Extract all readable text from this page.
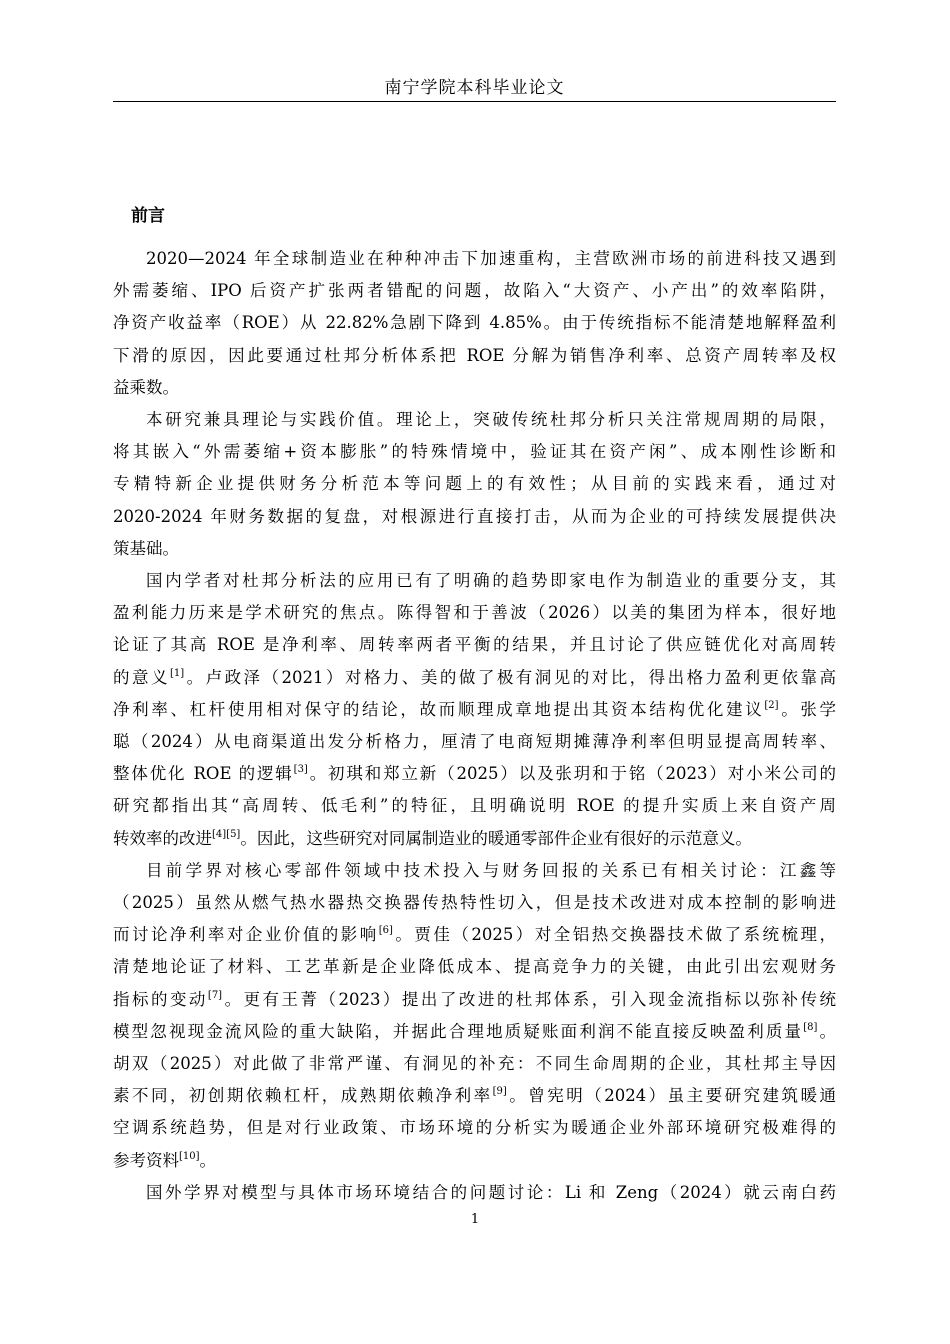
南宁学院本科毕业论文
前言
2020—2024 年全球制造业在种种冲击下加速重构，主营欧洲市场的前进科技又遇到
外需萎缩、IPO 后资产扩张两者错配的问题，故陷入“大资产、小产出”的效率陷阱，
净资产收益率（ROE）从 22.82%急剧下降到 4.85%。由于传统指标不能清楚地解释盈利
下滑的原因，因此要通过杜邦分析体系把 ROE 分解为销售净利率、总资产周转率及权
益乘数。
本研究兼具理论与实践价值。理论上，突破传统杜邦分析只关注常规周期的局限，
将其嵌入“外需萎缩+资本膨胀”的特殊情境中，验证其在资产闲”、成本刚性诊断和
专精特新企业提供财务分析范本等问题上的有效性；从目前的实践来看，通过对
2020-2024 年财务数据的复盘，对根源进行直接打击，从而为企业的可持续发展提供决
策基础。
国内学者对杜邦分析法的应用已有了明确的趋势即家电作为制造业的重要分支，其
盈利能力历来是学术研究的焦点。陈得智和于善波（2026）以美的集团为样本，很好地
论证了其高 ROE 是净利率、周转率两者平衡的结果，并且讨论了供应链优化对高周转
的意义[1]。卢政泽（2021）对格力、美的做了极有洞见的对比，得出格力盈利更依靠高
净利率、杠杆使用相对保守的结论，故而顺理成章地提出其资本结构优化建议[2]。张学
聪（2024）从电商渠道出发分析格力，厘清了电商短期摊薄净利率但明显提高周转率、
整体优化 ROE 的逻辑[3]。初琪和郑立新（2025）以及张玥和于铭（2023）对小米公司的
研究都指出其“高周转、低毛利”的特征，且明确说明 ROE 的提升实质上来自资产周
转效率的改进[4][5]。因此，这些研究对同属制造业的暖通零部件企业有很好的示范意义。
目前学界对核心零部件领域中技术投入与财务回报的关系已有相关讨论：江鑫等
（2025）虽然从燃气热水器热交换器传热特性切入，但是技术改进对成本控制的影响进
而讨论净利率对企业价值的影响[6]。贾佳（2025）对全铝热交换器技术做了系统梳理，
清楚地论证了材料、工艺革新是企业降低成本、提高竞争力的关键，由此引出宏观财务
指标的变动[7]。更有王菁（2023）提出了改进的杜邦体系，引入现金流指标以弥补传统
模型忽视现金流风险的重大缺陷，并据此合理地质疑账面利润不能直接反映盈利质量[8]。
胡双（2025）对此做了非常严谨、有洞见的补充：不同生命周期的企业，其杜邦主导因
素不同，初创期依赖杠杆，成熟期依赖净利率[9]。曾宪明（2024）虽主要研究建筑暖通
空调系统趋势，但是对行业政策、市场环境的分析实为暖通企业外部环境研究极难得的
参考资料[10]。
国外学界对模型与具体市场环境结合的问题讨论：Li 和 Zeng（2024）就云南白药
1
